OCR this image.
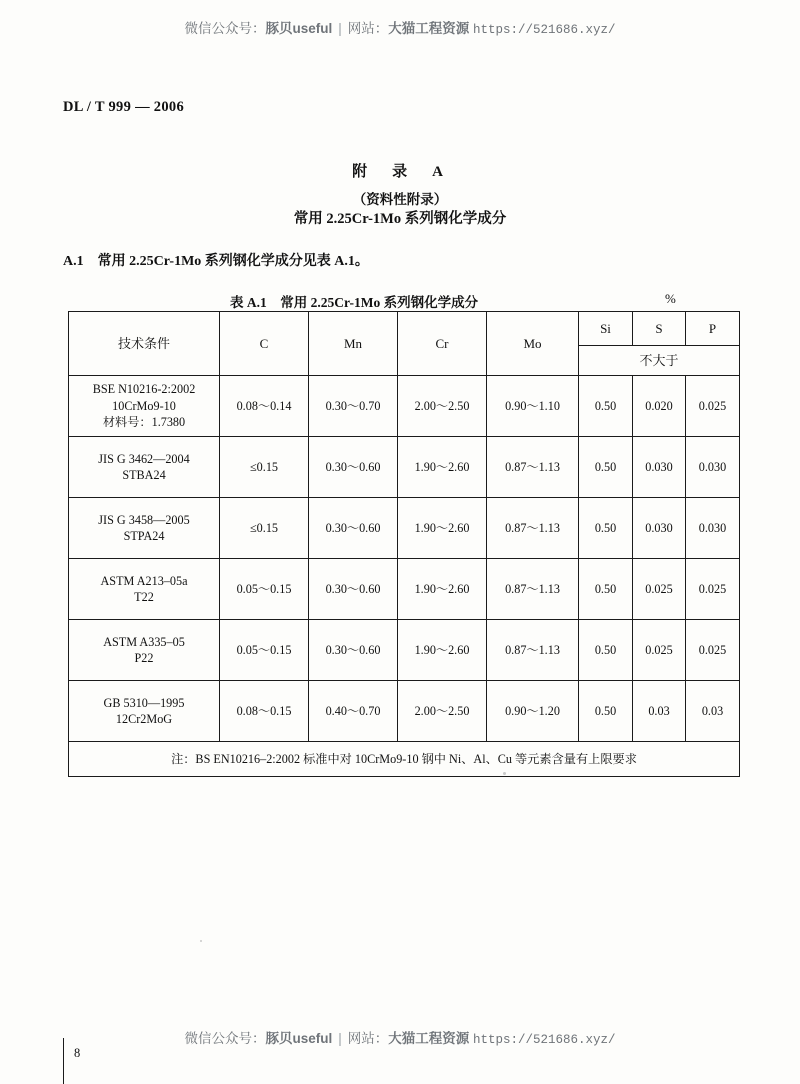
微信公众号：豚贝useful | 网站：大猫工程资源 https://521686.xyz/
DL / T 999 — 2006
附　录　A
（资料性附录）
常用 2.25Cr-1Mo 系列钢化学成分
A.1　常用 2.25Cr-1Mo 系列钢化学成分见表 A.1。
表 A.1　常用 2.25Cr-1Mo 系列钢化学成分	%
技术条件	C	Mn	Cr	Mo	Si	S	P
					不大于		

BSE N10216-2:2002
10CrMo9-10
材料号：1.7380	0.08～0.14	0.30～0.70	2.00～2.50	0.90～1.10	0.50	0.020	0.025

JIS G 3462—2004
STBA24	≤0.15	0.30～0.60	1.90～2.60	0.87～1.13	0.50	0.030	0.030

JIS G 3458—2005
STPA24	≤0.15	0.30～0.60	1.90～2.60	0.87～1.13	0.50	0.030	0.030

ASTM A213–05a
T22	0.05～0.15	0.30～0.60	1.90～2.60	0.87～1.13	0.50	0.025	0.025

ASTM A335–05
P22	0.05～0.15	0.30～0.60	1.90～2.60	0.87～1.13	0.50	0.025	0.025

GB 5310—1995
12Cr2MoG	0.08～0.15	0.40～0.70	2.00～2.50	0.90～1.20	0.50	0.03	0.03
注：BS EN10216–2:2002 标准中对 10CrMo9-10 钢中 Ni、Al、Cu 等元素含量有上限要求							
8
微信公众号：豚贝useful | 网站：大猫工程资源 https://521686.xyz/
